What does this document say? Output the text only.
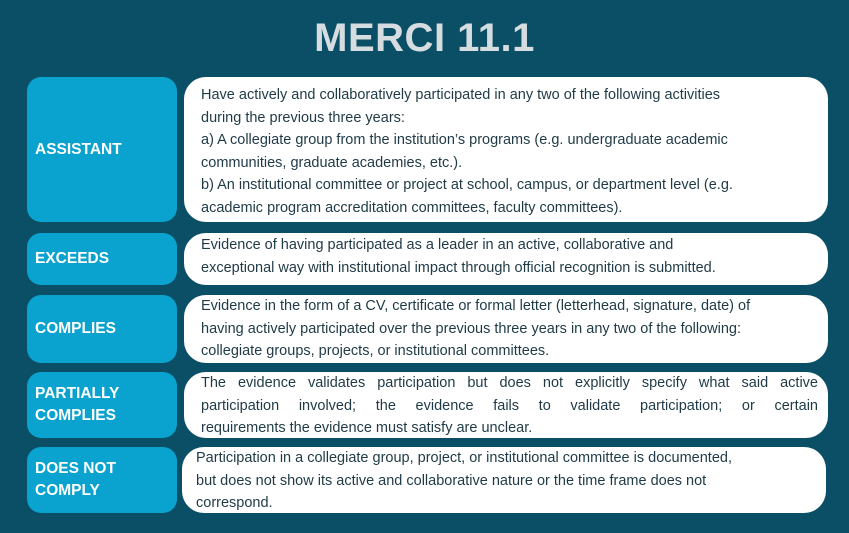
MERCI 11.1
ASSISTANT
Have actively and collaboratively participated in any two of the following activities
during the previous three years:
a) A collegiate group from the institution’s programs (e.g. undergraduate academic
communities, graduate academies, etc.).
b) An institutional committee or project at school, campus, or department level (e.g.
academic program accreditation committees, faculty committees).
EXCEEDS
Evidence of having participated as a leader in an active, collaborative and
exceptional way with institutional impact through official recognition is submitted.
COMPLIES
Evidence in the form of a CV, certificate or formal letter (letterhead, signature, date) of
having actively participated over the previous three years in any two of the following:
collegiate groups, projects, or institutional committees.
PARTIALLY
COMPLIES
The evidence validates participation but does not explicitly specify what said active
participation involved; the evidence fails to validate participation; or certain
requirements the evidence must satisfy are unclear.
DOES NOT
COMPLY
Participation in a collegiate group, project, or institutional committee is documented,
but does not show its active and collaborative nature or the time frame does not
correspond.
